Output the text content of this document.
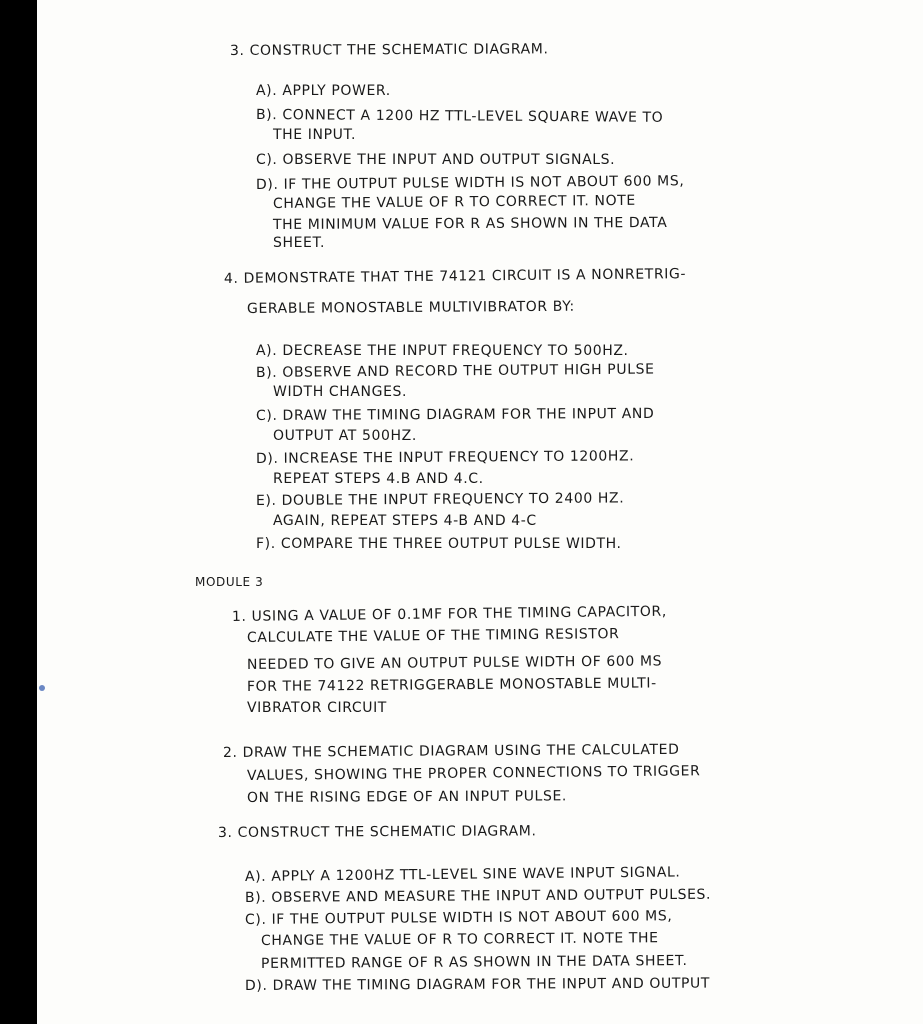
3. CONSTRUCT THE SCHEMATIC DIAGRAM.
A). APPLY POWER.
B). CONNECT A 1200 HZ TTL-LEVEL SQUARE WAVE TO
THE INPUT.
C). OBSERVE THE INPUT AND OUTPUT SIGNALS.
D). IF THE OUTPUT PULSE WIDTH IS NOT ABOUT 600 ΜS,
CHANGE THE VALUE OF R TO CORRECT IT. NOTE
THE MINIMUM VALUE FOR R AS SHOWN IN THE DATA
SHEET.
4. DEMONSTRATE THAT THE 74121 CIRCUIT IS A NONRETRIG-
GERABLE MONOSTABLE MULTIVIBRATOR BY:
A). DECREASE THE INPUT FREQUENCY TO 500HZ.
B). OBSERVE AND RECORD THE OUTPUT HIGH PULSE
WIDTH CHANGES.
C). DRAW THE TIMING DIAGRAM FOR THE INPUT AND
OUTPUT AT 500HZ.
D). INCREASE THE INPUT FREQUENCY TO 1200HZ.
REPEAT STEPS 4.B AND 4.C.
E). DOUBLE THE INPUT FREQUENCY TO 2400 HZ.
AGAIN, REPEAT STEPS 4-B AND 4-C
F). COMPARE THE THREE OUTPUT PULSE WIDTH.
MODULE 3
1. USING A VALUE OF 0.1ΜF FOR THE TIMING CAPACITOR,
CALCULATE THE VALUE OF THE TIMING RESISTOR
NEEDED TO GIVE AN OUTPUT PULSE WIDTH OF 600 ΜS
FOR THE 74122 RETRIGGERABLE MONOSTABLE MULTI-
VIBRATOR CIRCUIT
2. DRAW THE SCHEMATIC DIAGRAM USING THE CALCULATED
VALUES, SHOWING THE PROPER CONNECTIONS TO TRIGGER
ON THE RISING EDGE OF AN INPUT PULSE.
3. CONSTRUCT THE SCHEMATIC DIAGRAM.
A). APPLY A 1200HZ TTL-LEVEL SINE WAVE INPUT SIGNAL.
B). OBSERVE AND MEASURE THE INPUT AND OUTPUT PULSES.
C). IF THE OUTPUT PULSE WIDTH IS NOT ABOUT 600 ΜS,
CHANGE THE VALUE OF R TO CORRECT IT. NOTE THE
PERMITTED RANGE OF R AS SHOWN IN THE DATA SHEET.
D). DRAW THE TIMING DIAGRAM FOR THE INPUT AND OUTPUT
